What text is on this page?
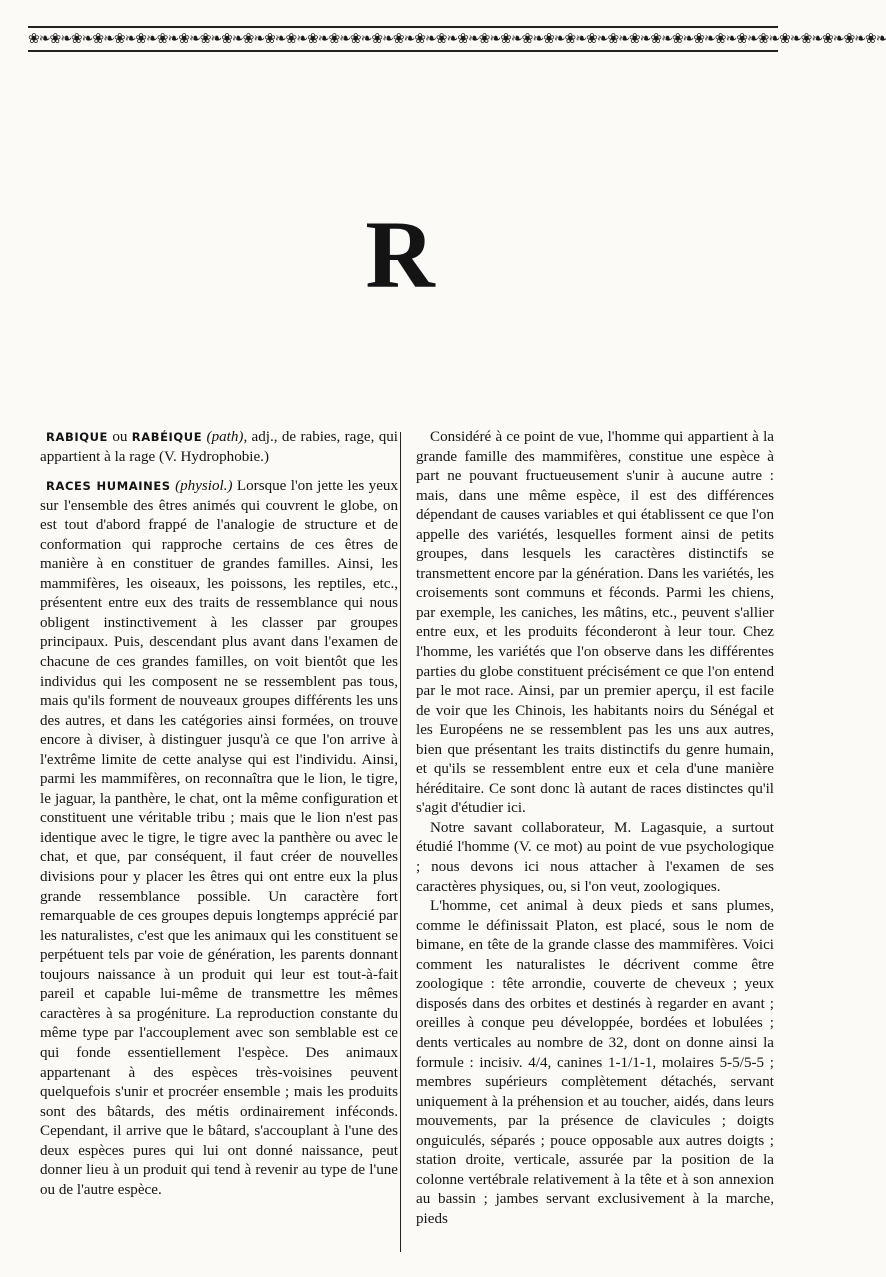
❀❧❀❧❀❧❀❧❀❧❀❧❀❧❀❧❀❧❀❧❀❧❀❧❀❧❀❧❀❧❀❧❀❧❀❧❀❧❀❧❀❧❀❧❀❧❀❧❀❧❀❧❀❧❀❧❀❧❀❧❀❧❀❧❀❧❀❧❀❧❀❧❀❧❀❧❀❧❀❧
R

RABIQUE ou RABÉIQUE (path), adj., de rabies, rage, qui appartient à la rage (V. Hydrophobie.)

RACES HUMAINES (physiol.) Lorsque l'on jette les yeux sur l'ensemble des êtres animés qui couvrent le globe, on est tout d'abord frappé de l'analogie de structure et de conformation qui rapproche certains de ces êtres de manière à en constituer de grandes familles. Ainsi, les mammifères, les oiseaux, les poissons, les reptiles, etc., présentent entre eux des traits de ressemblance qui nous obligent instinctivement à les classer par groupes principaux. Puis, descendant plus avant dans l'examen de chacune de ces grandes familles, on voit bientôt que les individus qui les composent ne se ressemblent pas tous, mais qu'ils forment de nouveaux groupes différents les uns des autres, et dans les catégories ainsi formées, on trouve encore à diviser, à distinguer jusqu'à ce que l'on arrive à l'extrême limite de cette analyse qui est l'individu. Ainsi, parmi les mammifères, on reconnaîtra que le lion, le tigre, le jaguar, la panthère, le chat, ont la même configuration et constituent une véritable tribu ; mais que le lion n'est pas identique avec le tigre, le tigre avec la panthère ou avec le chat, et que, par conséquent, il faut créer de nouvelles divisions pour y placer les êtres qui ont entre eux la plus grande ressemblance possible. Un caractère fort remarquable de ces groupes depuis longtemps apprécié par les naturalistes, c'est que les animaux qui les constituent se perpétuent tels par voie de génération, les parents donnant toujours naissance à un produit qui leur est tout-à-fait pareil et capable lui-même de transmettre les mêmes caractères à sa progéniture. La reproduction constante du même type par l'accouplement avec son semblable est ce qui fonde essentiellement l'espèce. Des animaux appartenant à des espèces très-voisines peuvent quelquefois s'unir et procréer ensemble ; mais les produits sont des bâtards, des métis ordinairement inféconds. Cependant, il arrive que le bâtard, s'accouplant à l'une des deux espèces pures qui lui ont donné naissance, peut donner lieu à un produit qui tend à revenir au type de l'une ou de l'autre espèce.

Considéré à ce point de vue, l'homme qui appartient à la grande famille des mammifères, constitue une espèce à part ne pouvant fructueusement s'unir à aucune autre : mais, dans une même espèce, il est des différences dépendant de causes variables et qui établissent ce que l'on appelle des variétés, lesquelles forment ainsi de petits groupes, dans lesquels les caractères distinctifs se transmettent encore par la génération. Dans les variétés, les croisements sont communs et féconds. Parmi les chiens, par exemple, les caniches, les mâtins, etc., peuvent s'allier entre eux, et les produits féconderont à leur tour. Chez l'homme, les variétés que l'on observe dans les différentes parties du globe constituent précisément ce que l'on entend par le mot race. Ainsi, par un premier aperçu, il est facile de voir que les Chinois, les habitants noirs du Sénégal et les Européens ne se ressemblent pas les uns aux autres, bien que présentant les traits distinctifs du genre humain, et qu'ils se ressemblent entre eux et cela d'une manière héréditaire. Ce sont donc là autant de races distinctes qu'il s'agit d'étudier ici.

Notre savant collaborateur, M. Lagasquie, a surtout étudié l'homme (V. ce mot) au point de vue psychologique ; nous devons ici nous attacher à l'examen de ses caractères physiques, ou, si l'on veut, zoologiques.

L'homme, cet animal à deux pieds et sans plumes, comme le définissait Platon, est placé, sous le nom de bimane, en tête de la grande classe des mammifères. Voici comment les naturalistes le décrivent comme être zoologique : tête arrondie, couverte de cheveux ; yeux disposés dans des orbites et destinés à regarder en avant ; oreilles à conque peu développée, bordées et lobulées ; dents verticales au nombre de 32, dont on donne ainsi la formule : incisiv. 4/4, canines 1-1/1-1, molaires 5-5/5-5 ; membres supérieurs complètement détachés, servant uniquement à la préhension et au toucher, aidés, dans leurs mouvements, par la présence de clavicules ; doigts onguiculés, séparés ; pouce opposable aux autres doigts ; station droite, verticale, assurée par la position de la colonne vertébrale relativement à la tête et à son annexion au bassin ; jambes servant exclusivement à la marche, pieds
